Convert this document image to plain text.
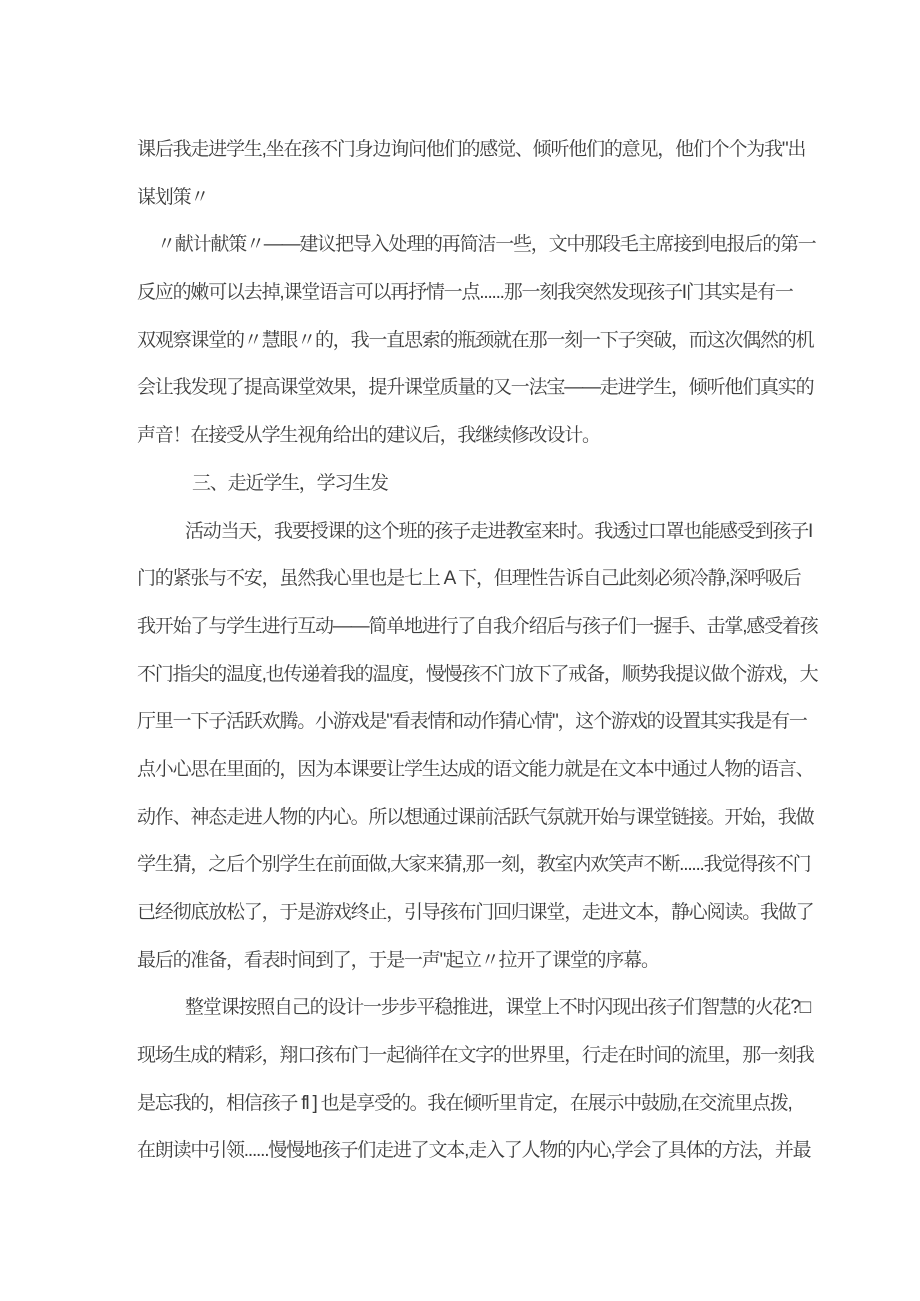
课后我走进学生,坐在孩不门身边询问他们的感觉、倾听他们的意见，他们个个为我"出
谋划策〃
〃献计献策〃——建议把导入处理的再简洁一些，文中那段毛主席接到电报后的第一
反应的嫩可以去掉,课堂语言可以再抒情一点......那一刻我突然发现孩子I门其实是有一
双观察课堂的〃慧眼〃的，我一直思索的瓶颈就在那一刻一下子突破，而这次偶然的机
会让我发现了提高课堂效果，提升课堂质量的又一法宝——走进学生，倾听他们真实的
声音！在接受从学生视角给出的建议后，我继续修改设计。
三、走近学生，学习生发
活动当天，我要授课的这个班的孩子走进教室来时。我透过口罩也能感受到孩子I
门的紧张与不安，虽然我心里也是七上 A 下，但理性告诉自己此刻必须冷静,深呼吸后
我开始了与学生进行互动——简单地进行了自我介绍后与孩子们一握手、击掌,感受着孩
不门指尖的温度,也传递着我的温度，慢慢孩不门放下了戒备，顺势我提议做个游戏，大
厅里一下子活跃欢腾。小游戏是"看表情和动作猜心情"，这个游戏的设置其实我是有一
点小心思在里面的，因为本课要让学生达成的语文能力就是在文本中通过人物的语言、
动作、神态走进人物的内心。所以想通过课前活跃气氛就开始与课堂链接。开始，我做
学生猜，之后个别学生在前面做,大家来猜,那一刻，教室内欢笑声不断......我觉得孩不门
已经彻底放松了，于是游戏终止，引导孩布门回归课堂，走进文本，静心阅读。我做了
最后的准备，看表时间到了，于是一声"起立〃拉开了课堂的序幕。
整堂课按照自己的设计一步步平稳推进，课堂上不时闪现出孩子们智慧的火花?□
现场生成的精彩，翔口孩布门一起徜徉在文字的世界里，行走在时间的流里，那一刻我
是忘我的，相信孩子 fl ] 也是享受的。我在倾听里肯定，在展示中鼓励,在交流里点拨,
在朗读中引领......慢慢地孩子们走进了文本,走入了人物的内心,学会了具体的方法，并最
